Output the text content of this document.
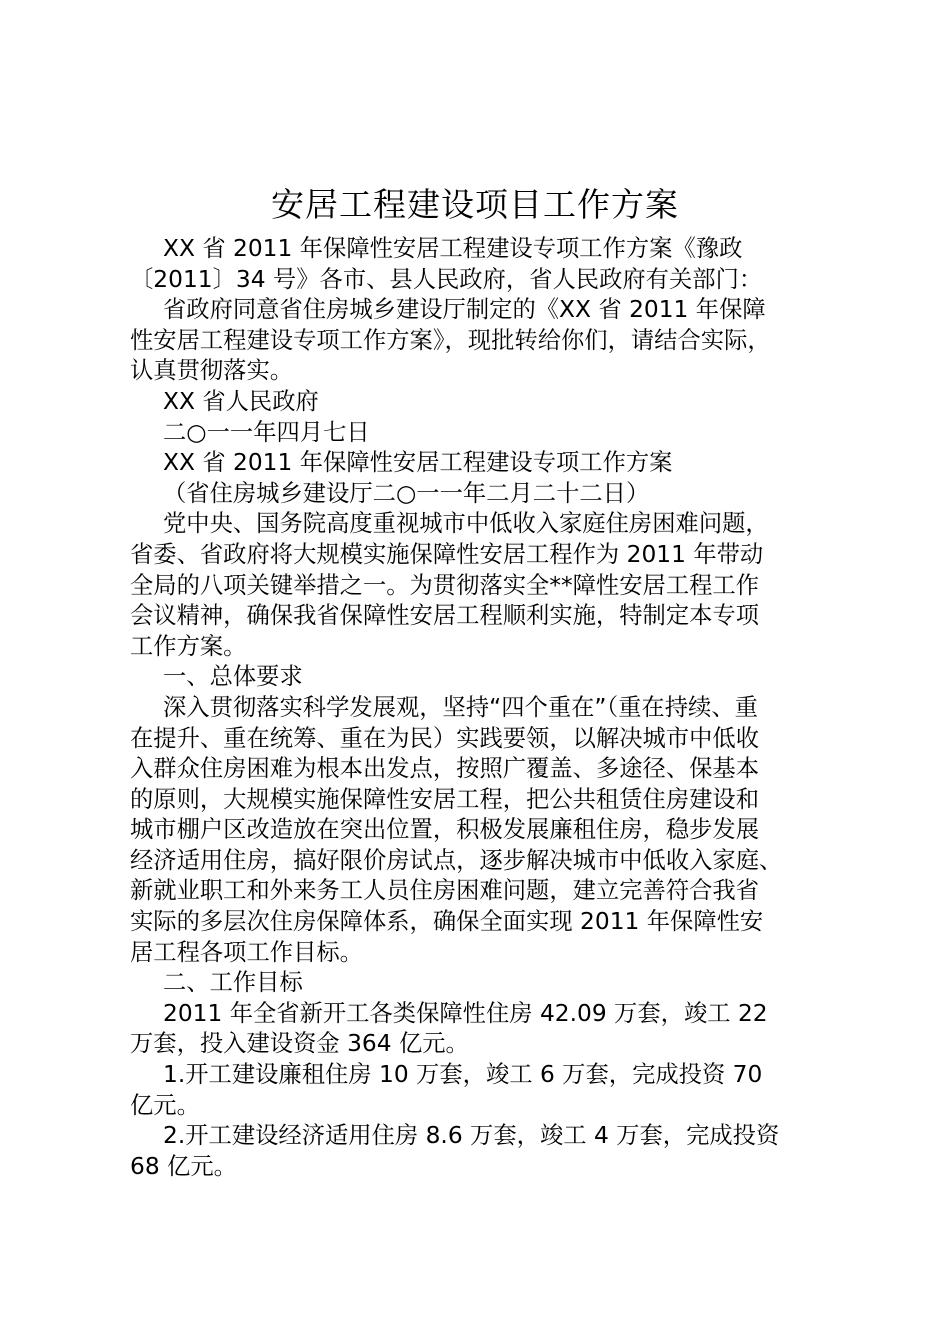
安居工程建设项目工作方案
XX 省 2011 年保障性安居工程建设专项工作方案《豫政
〔2011〕34 号》各市、县人民政府，省人民政府有关部门：
省政府同意省住房城乡建设厅制定的《XX 省 2011 年保障
性安居工程建设专项工作方案》，现批转给你们，请结合实际，
认真贯彻落实。
XX 省人民政府
二○一一年四月七日
XX 省 2011 年保障性安居工程建设专项工作方案
（省住房城乡建设厅二○一一年二月二十二日）
党中央、国务院高度重视城市中低收入家庭住房困难问题，
省委、省政府将大规模实施保障性安居工程作为 2011 年带动
全局的八项关键举措之一。为贯彻落实全**障性安居工程工作
会议精神，确保我省保障性安居工程顺利实施，特制定本专项
工作方案。
一、总体要求
深入贯彻落实科学发展观，坚持“四个重在”（重在持续、重
在提升、重在统筹、重在为民）实践要领，以解决城市中低收
入群众住房困难为根本出发点，按照广覆盖、多途径、保基本
的原则，大规模实施保障性安居工程，把公共租赁住房建设和
城市棚户区改造放在突出位置，积极发展廉租住房，稳步发展
经济适用住房，搞好限价房试点，逐步解决城市中低收入家庭、
新就业职工和外来务工人员住房困难问题，建立完善符合我省
实际的多层次住房保障体系，确保全面实现 2011 年保障性安
居工程各项工作目标。
二、工作目标
2011 年全省新开工各类保障性住房 42.09 万套，竣工 22
万套，投入建设资金 364 亿元。
1.开工建设廉租住房 10 万套，竣工 6 万套，完成投资 70
亿元。
2.开工建设经济适用住房 8.6 万套，竣工 4 万套，完成投资
68 亿元。
